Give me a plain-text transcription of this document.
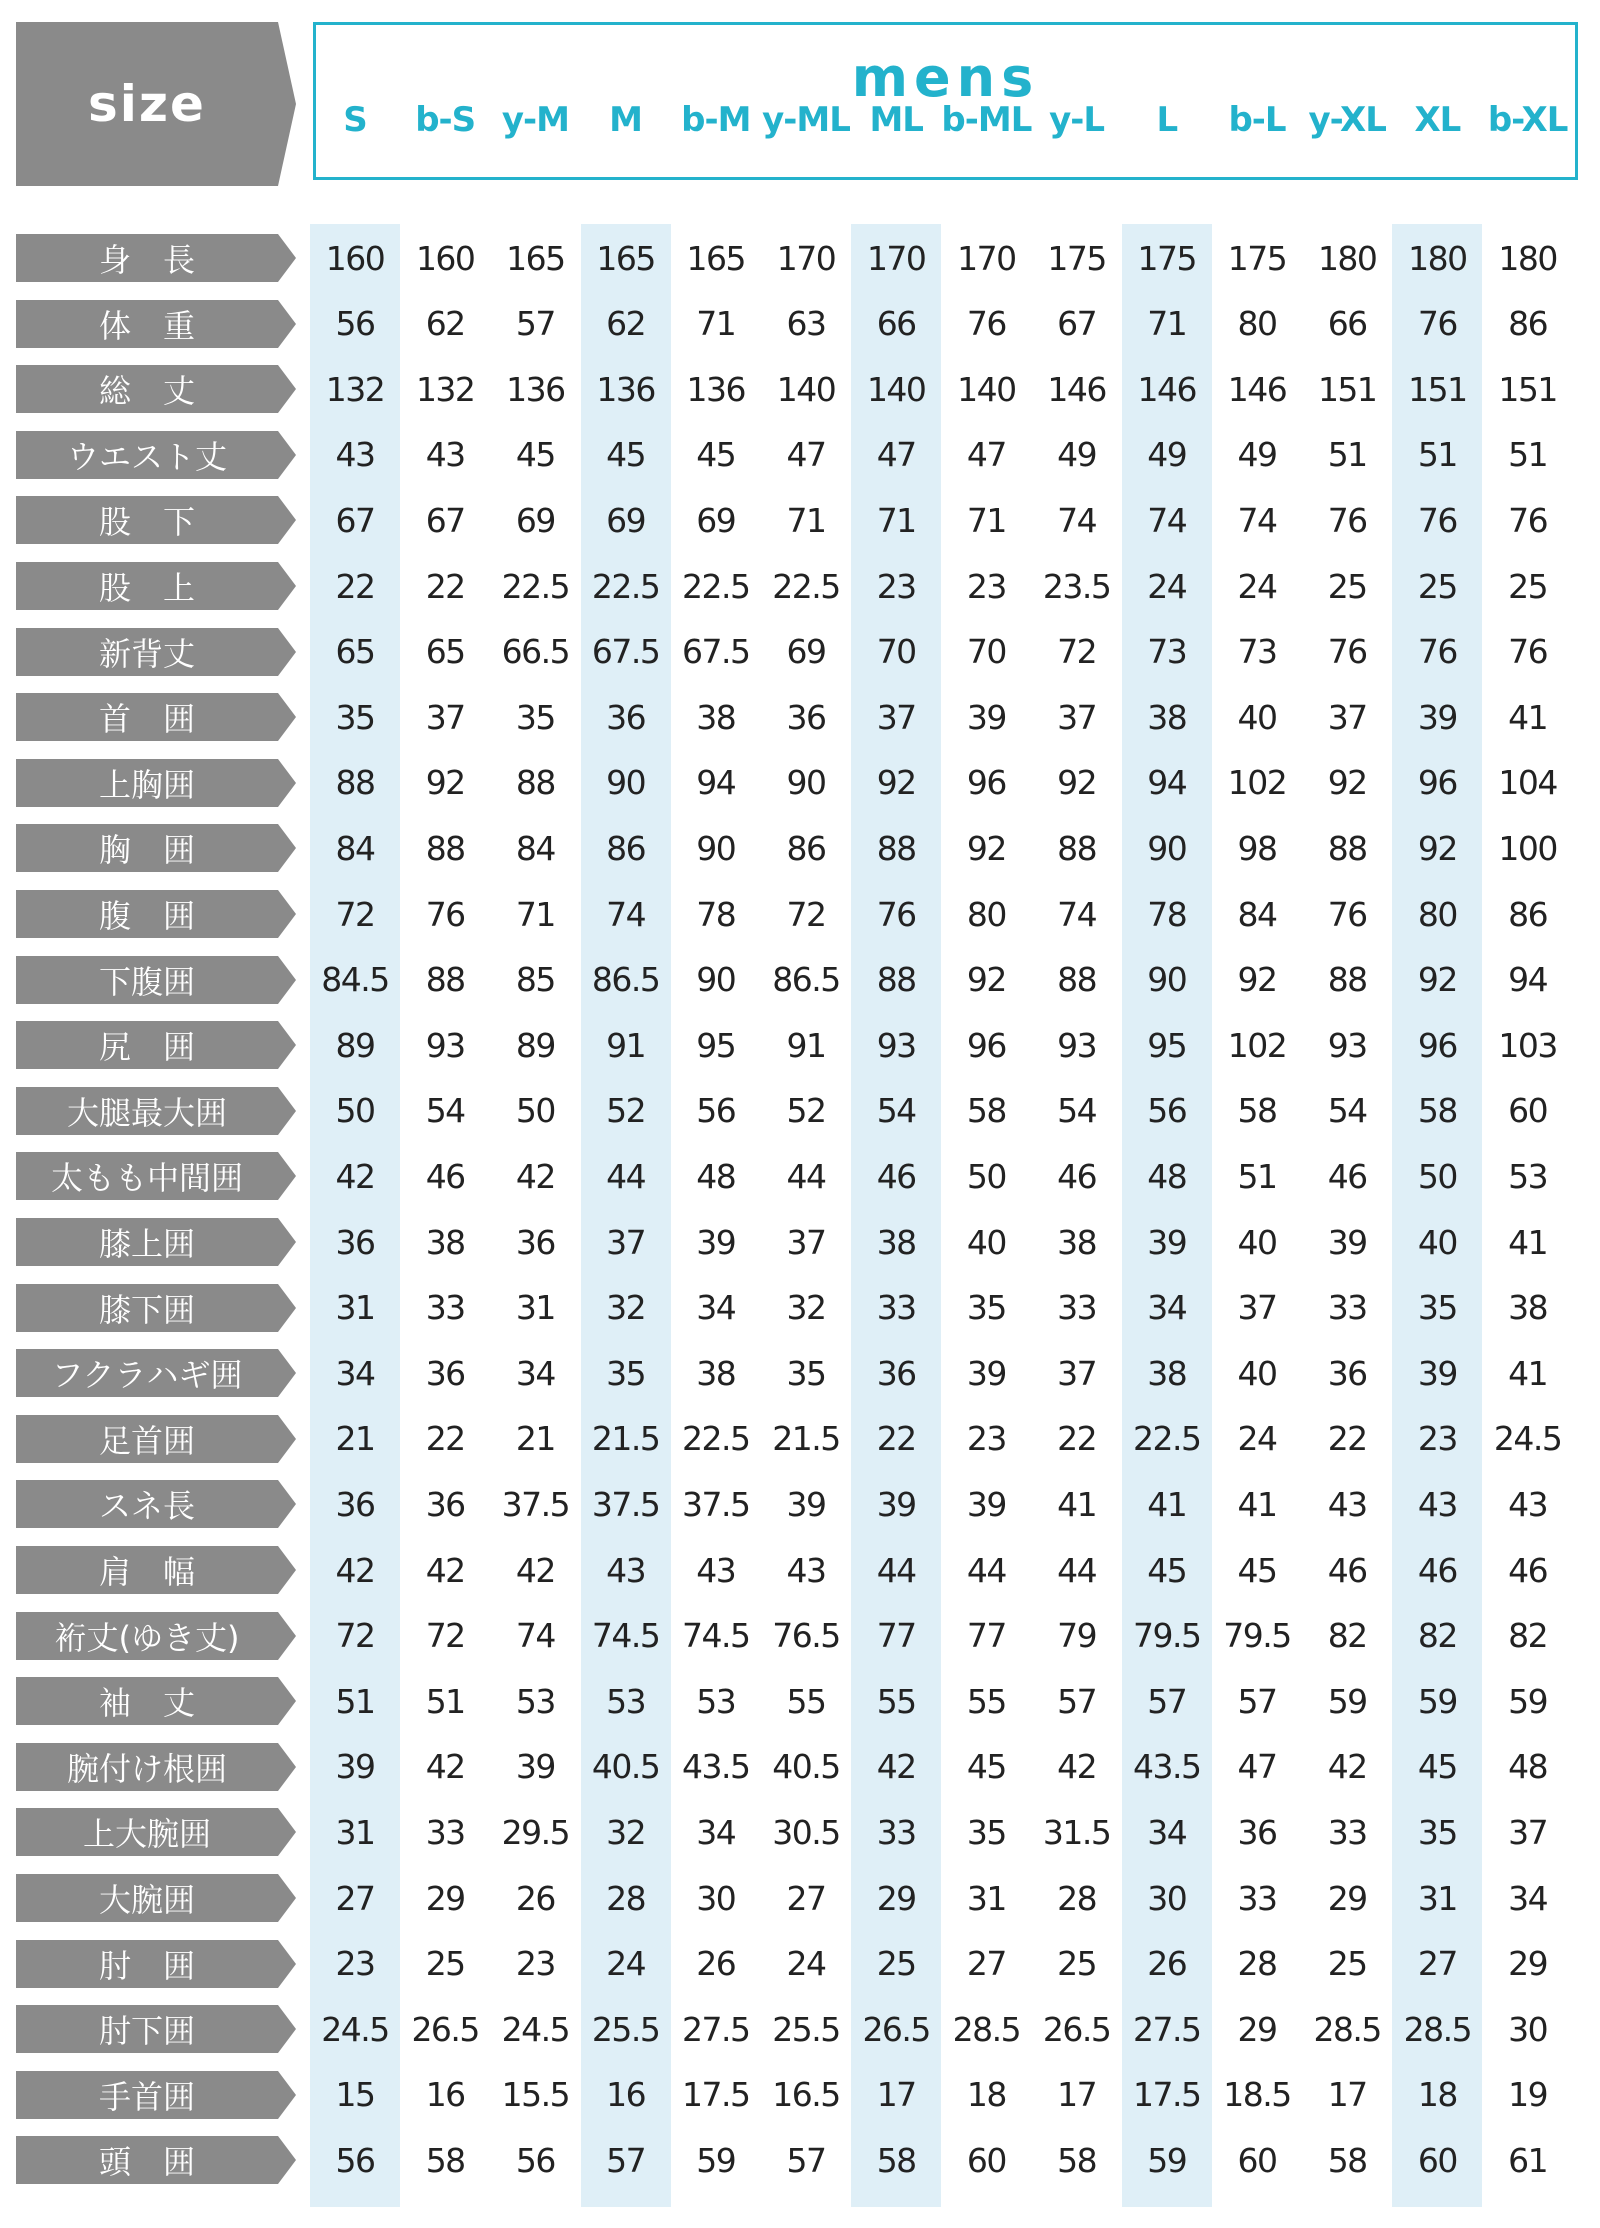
size	mens
S	b-S y-M	M	b-M y-ML ML b-ML y-L	L	b-L y-XL XL b-XL
身　長	160 160 165 165 165 170 170 170 175 175 175 180 180 180
体　重	56	62	57	62	71	63	66	76	67	71	80	66	76	86
総　丈	132 132 136 136 136 140 140 140 146 146 146 151 151 151
ウエスト丈	43	43	45	45	45	47	47	47	49	49	49	51	51	51
股　下	67	67	69	69	69	71	71	71	74	74	74	76	76	76
股　上	22	22	22.5 22.5 22.5 22.5	23	23	23.5	24	24	25	25	25
新背丈	65	65	66.5 67.5 67.5	69	70	70	72	73	73	76	76	76
首　囲	35	37	35	36	38	36	37	39	37	38	40	37	39	41
上胸囲	88	92	88	90	94	90	92	96	92	94	102	92	96	104
胸　囲	84	88	84	86	90	86	88	92	88	90	98	88	92	100
腹　囲	72	76	71	74	78	72	76	80	74	78	84	76	80	86
下腹囲	84.5	88	85	86.5	90	86.5	88	92	88	90	92	88	92	94
尻　囲	89	93	89	91	95	91	93	96	93	95	102	93	96	103
大腿最大囲	50	54	50	52	56	52	54	58	54	56	58	54	58	60
太もも中間囲	42	46	42	44	48	44	46	50	46	48	51	46	50	53
膝上囲	36	38	36	37	39	37	38	40	38	39	40	39	40	41
膝下囲	31	33	31	32	34	32	33	35	33	34	37	33	35	38
フクラハギ囲	34	36	34	35	38	35	36	39	37	38	40	36	39	41
足首囲	21	22	21	21.5 22.5 21.5	22	23	22	22.5	24	22	23	24.5
スネ長	36	36	37.5 37.5 37.5	39	39	39	41	41	41	43	43	43
肩　幅	42	42	42	43	43	43	44	44	44	45	45	46	46	46
裄丈(ゆき丈)	72	72	74	74.5 74.5 76.5	77	77	79	79.5 79.5	82	82	82
袖　丈	51	51	53	53	53	55	55	55	57	57	57	59	59	59
腕付け根囲	39	42	39	40.5 43.5 40.5	42	45	42	43.5	47	42	45	48
上大腕囲	31	33	29.5	32	34	30.5	33	35	31.5	34	36	33	35	37
大腕囲	27	29	26	28	30	27	29	31	28	30	33	29	31	34
肘　囲	23	25	23	24	26	24	25	27	25	26	28	25	27	29
肘下囲	24.5 26.5 24.5 25.5 27.5 25.5 26.5 28.5 26.5 27.5	29	28.5 28.5	30
手首囲	15	16	15.5	16	17.5 16.5	17	18	17	17.5 18.5	17	18	19
頭　囲	56	58	56	57	59	57	58	60	58	59	60	58	60	61
